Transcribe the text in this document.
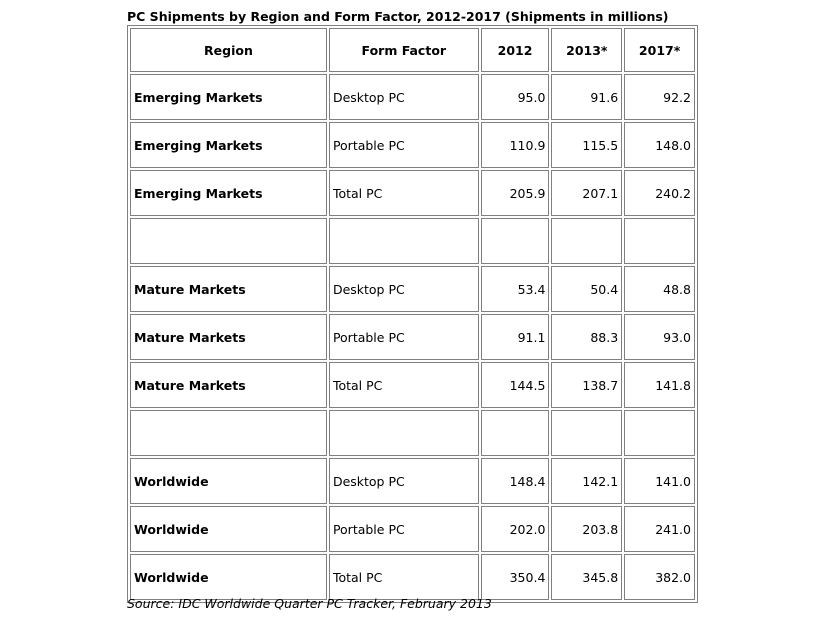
PC Shipments by Region and Form Factor, 2012-2017 (Shipments in millions)
Region	Form Factor	2012	2013*	2017*
Emerging Markets	Desktop PC	95.0	91.6	92.2
Emerging Markets	Portable PC	110.9	115.5	148.0
Emerging Markets	Total PC	205.9	207.1	240.2

Mature Markets	Desktop PC	53.4	50.4	48.8
Mature Markets	Portable PC	91.1	88.3	93.0
Mature Markets	Total PC	144.5	138.7	141.8

Worldwide	Desktop PC	148.4	142.1	141.0
Worldwide	Portable PC	202.0	203.8	241.0
Worldwide	Total PC	350.4	345.8	382.0
Source: IDC Worldwide Quarter PC Tracker, February 2013
